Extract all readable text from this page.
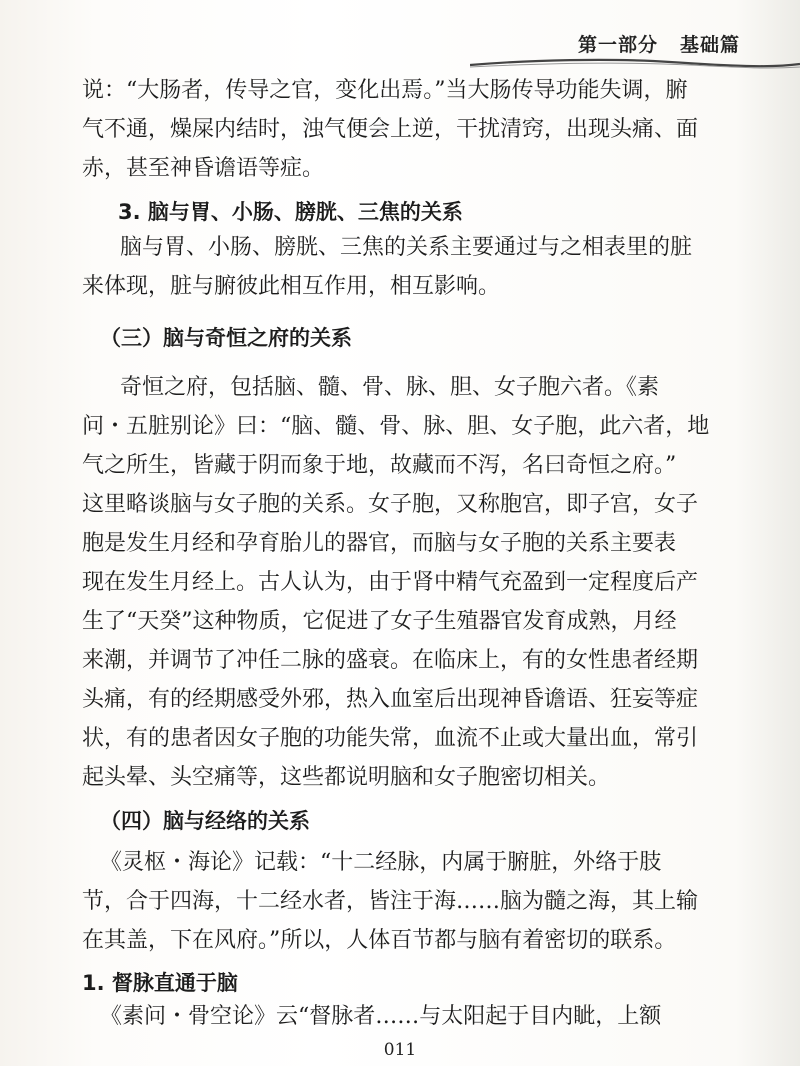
第一部分 基础篇
说：“大肠者，传导之官，变化出焉。”当大肠传导功能失调，腑
气不通，燥屎内结时，浊气便会上逆，干扰清窍，出现头痛、面
赤，甚至神昏谵语等症。
3. 脑与胃、小肠、膀胱、三焦的关系
脑与胃、小肠、膀胱、三焦的关系主要通过与之相表里的脏
来体现，脏与腑彼此相互作用，相互影响。
（三）脑与奇恒之府的关系
奇恒之府，包括脑、髓、骨、脉、胆、女子胞六者。《素
问・五脏别论》曰：“脑、髓、骨、脉、胆、女子胞，此六者，地
气之所生，皆藏于阴而象于地，故藏而不泻，名曰奇恒之府。”
这里略谈脑与女子胞的关系。女子胞，又称胞宫，即子宫，女子
胞是发生月经和孕育胎儿的器官，而脑与女子胞的关系主要表
现在发生月经上。古人认为，由于肾中精气充盈到一定程度后产
生了“天癸”这种物质，它促进了女子生殖器官发育成熟，月经
来潮，并调节了冲任二脉的盛衰。在临床上，有的女性患者经期
头痛，有的经期感受外邪，热入血室后出现神昏谵语、狂妄等症
状，有的患者因女子胞的功能失常，血流不止或大量出血，常引
起头晕、头空痛等，这些都说明脑和女子胞密切相关。
（四）脑与经络的关系
《灵枢・海论》记载：“十二经脉，内属于腑脏，外络于肢
节，合于四海，十二经水者，皆注于海……脑为髓之海，其上输
在其盖，下在风府。”所以，人体百节都与脑有着密切的联系。
1. 督脉直通于脑
《素问・骨空论》云“督脉者……与太阳起于目内眦，上额
011
